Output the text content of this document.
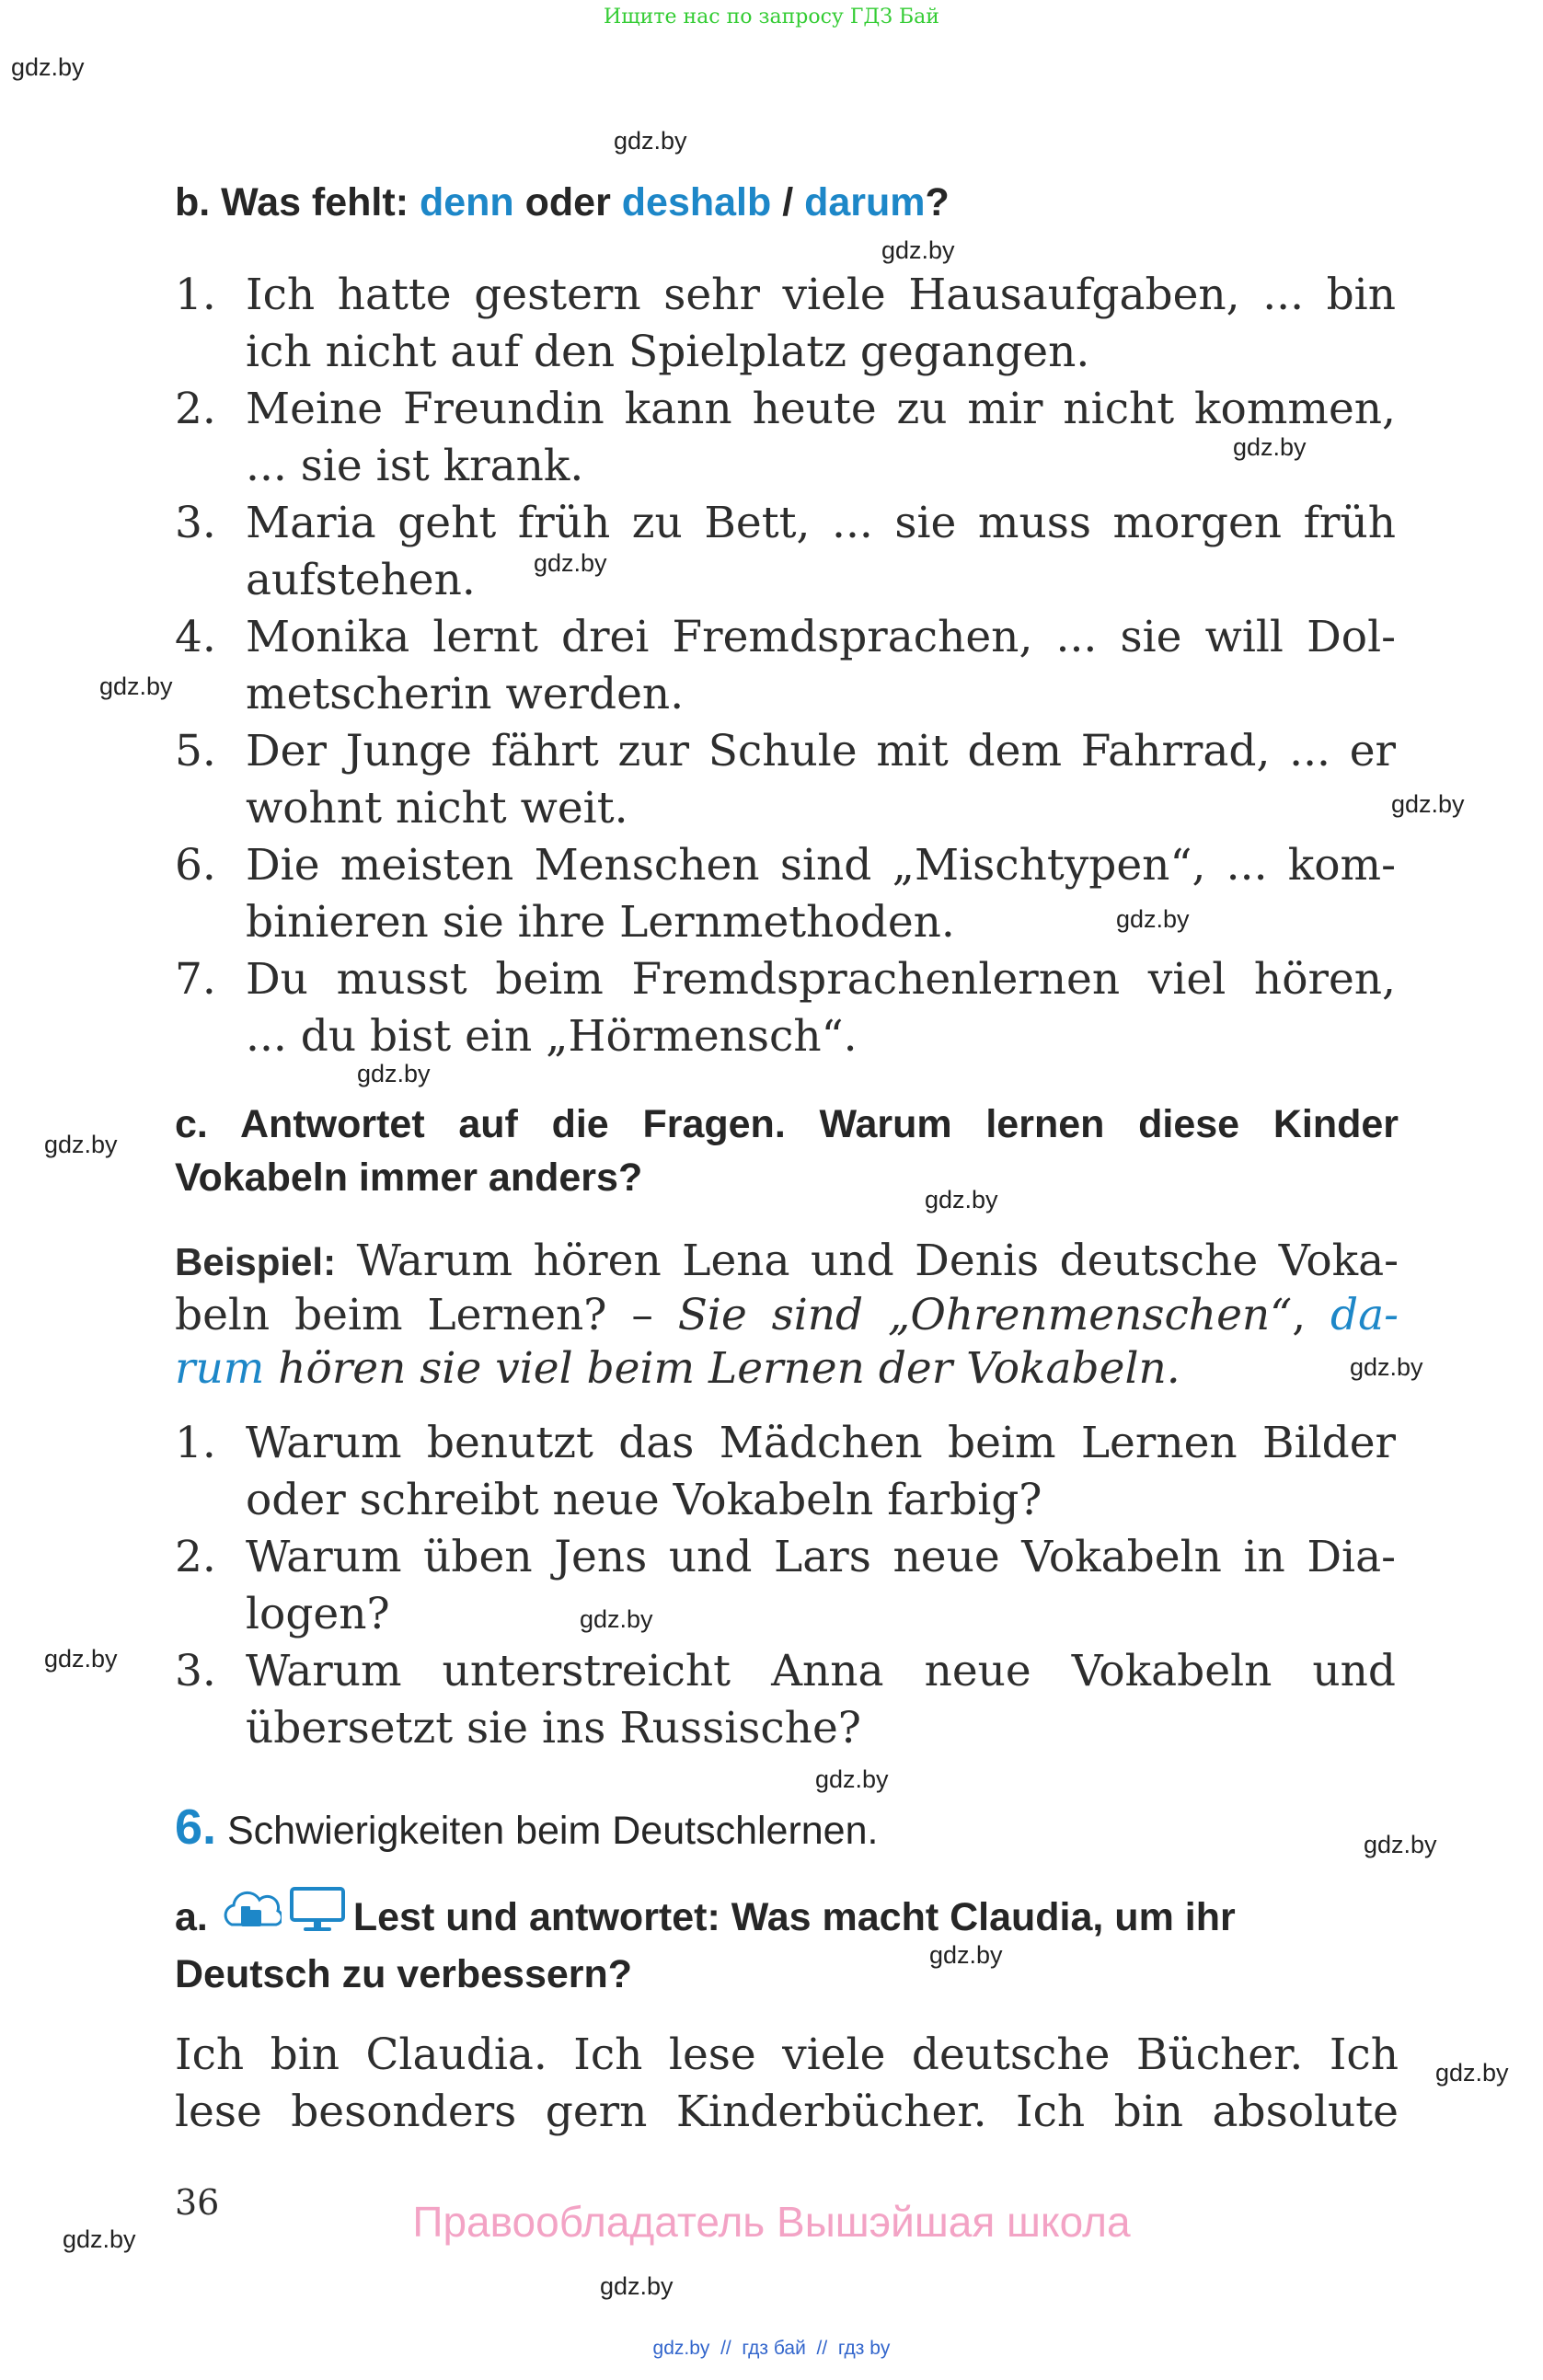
Ищите нас по запросу ГДЗ Бай
gdz.by
gdz.by
gdz.by
gdz.by
gdz.by
gdz.by
gdz.by
gdz.by
gdz.by
gdz.by
gdz.by
gdz.by
gdz.by
gdz.by
gdz.by
gdz.by
gdz.by
gdz.by
gdz.by
gdz.by
b. Was fehlt: denn oder deshalb / darum?
1. Ich hatte gestern sehr viele Hausaufgaben, ... bin
ich nicht auf den Spielplatz gegangen.
2. Meine Freundin kann heute zu mir nicht kommen,
... sie ist krank.
3. Maria geht früh zu Bett, ... sie muss morgen früh
aufstehen.
4. Monika lernt drei Fremdsprachen, ... sie will Dol-
metscherin werden.
5. Der Junge fährt zur Schule mit dem Fahrrad, ... er
wohnt nicht weit.
6. Die meisten Menschen sind „Mischtypen“, ... kom-
binieren sie ihre Lernmethoden.
7. Du musst beim Fremdsprachenlernen viel hören,
... du bist ein „Hörmensch“.
c. Antwortet auf die Fragen. Warum lernen diese Kinder
Vokabeln immer anders?
Beispiel: Warum hören Lena und Denis deutsche Voka-
beln beim Lernen? – Sie sind „Ohrenmenschen“, da-
rum hören sie viel beim Lernen der Vokabeln.
1. Warum benutzt das Mädchen beim Lernen Bilder
oder schreibt neue Vokabeln farbig?
2. Warum üben Jens und Lars neue Vokabeln in Dia-
logen?
3. Warum unterstreicht Anna neue Vokabeln und
übersetzt sie ins Russische?
6. Schwierigkeiten beim Deutschlernen.
a.	Lest und antwortet: Was macht Claudia, um ihr
Deutsch zu verbessern?
Ich bin Claudia. Ich lese viele deutsche Bücher. Ich
lese besonders gern Kinderbücher. Ich bin absolute
36	Правообладатель Вышэйшая школа
gdz.by  //  гдз бай  //  гдз by
